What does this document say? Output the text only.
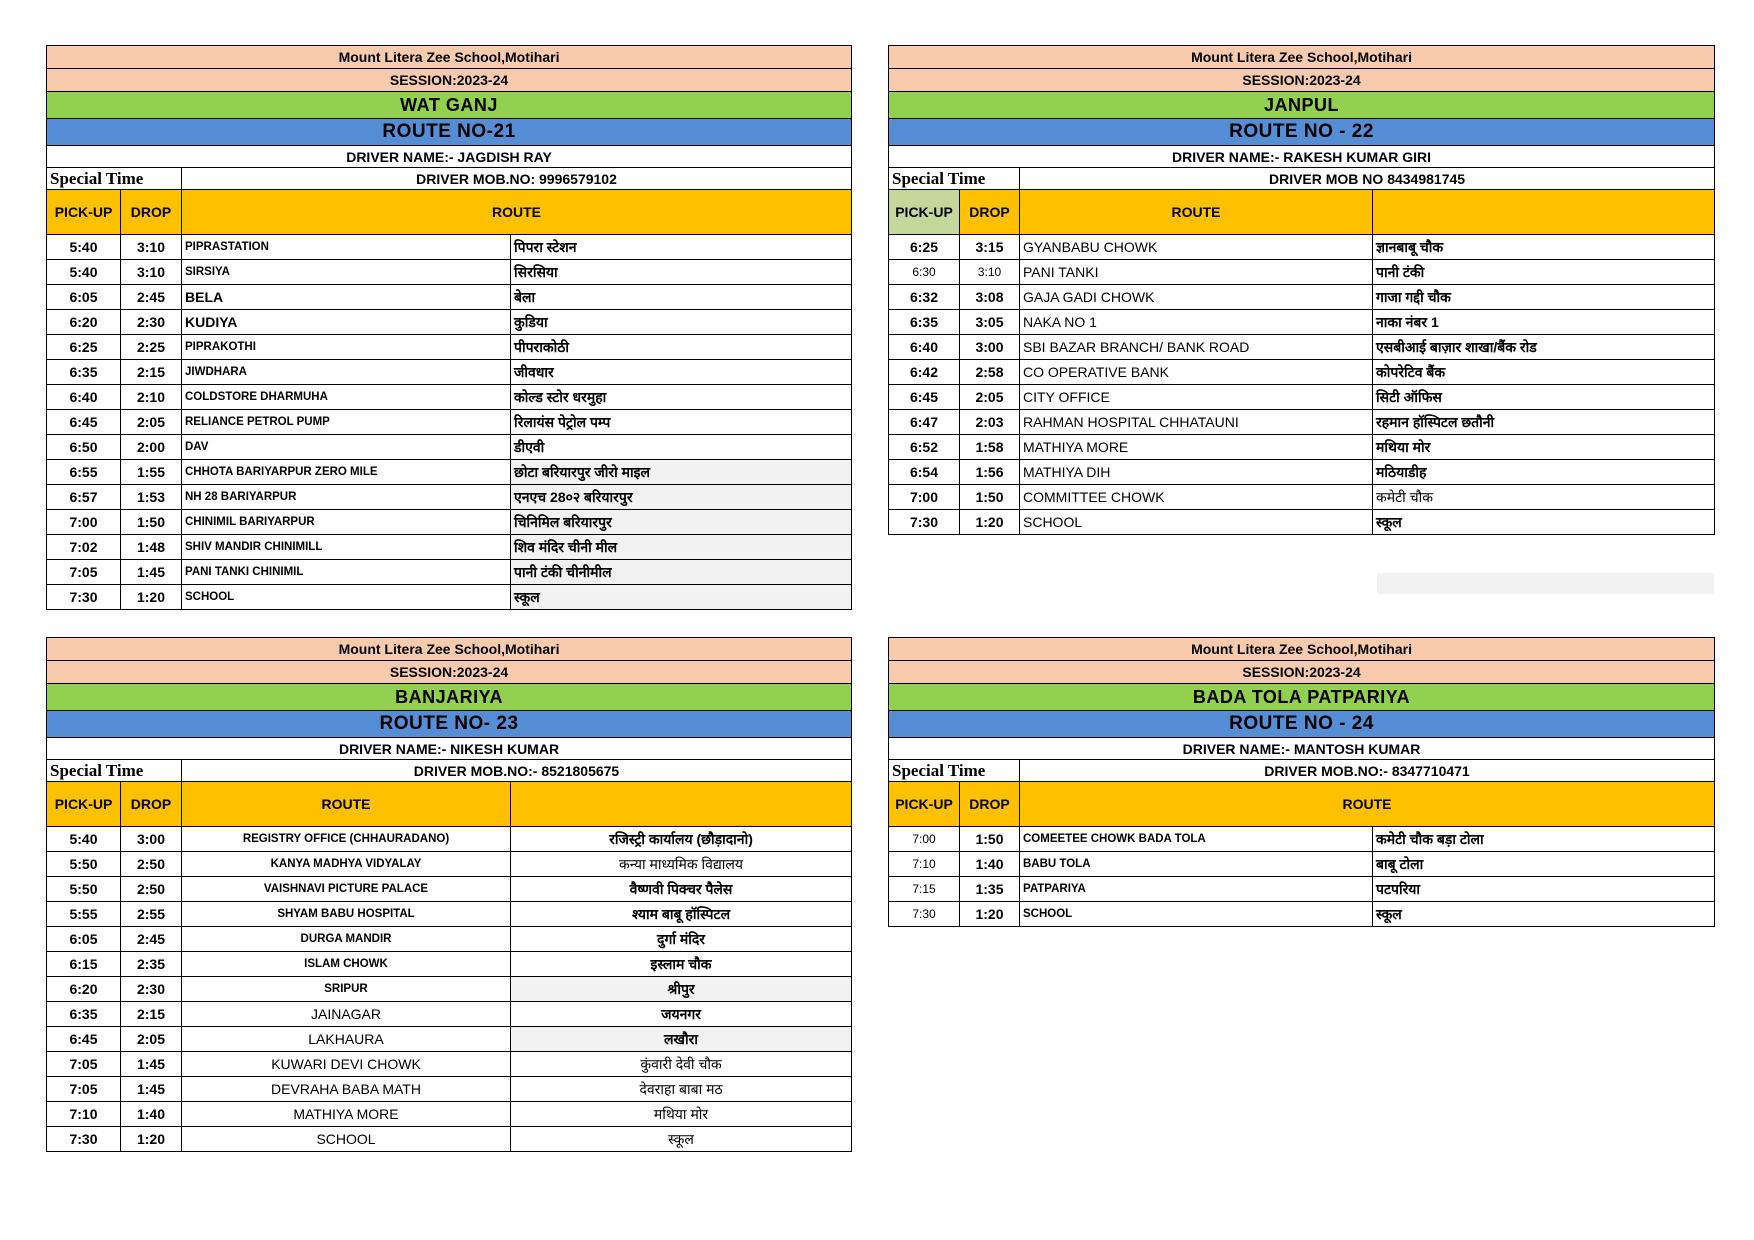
Mount Litera Zee School,Motihari			
SESSION:2023-24			
WAT GANJ			
ROUTE NO-21			
DRIVER NAME:- JAGDISH RAY			
Special Time		DRIVER MOB.NO: 9996579102	
PICK-UP	DROP	ROUTE	
5:40	3:10	PIPRASTATION	पिपरा स्टेशन
5:40	3:10	SIRSIYA	सिरसिया
6:05	2:45	BELA	बेला
6:20	2:30	KUDIYA	कुडिया
6:25	2:25	PIPRAKOTHI	पीपराकोठी
6:35	2:15	JIWDHARA	जीवधार
6:40	2:10	COLDSTORE DHARMUHA	कोल्ड स्टोर धरमुहा
6:45	2:05	RELIANCE PETROL PUMP	रिलायंस पेट्रोल पम्प
6:50	2:00	DAV	डीएवी
6:55	1:55	CHHOTA BARIYARPUR ZERO MILE	छोटा बरियारपुर जीरो माइल
6:57	1:53	NH 28 BARIYARPUR	एनएच 28०२ बरियारपुर
7:00	1:50	CHINIMIL BARIYARPUR	चिनिमिल बरियारपुर
7:02	1:48	SHIV MANDIR CHINIMILL	शिव मंदिर चीनी मील
7:05	1:45	PANI TANKI CHINIMIL	पानी टंकी चीनीमील
7:30	1:20	SCHOOL	स्कूल
Mount Litera Zee School,Motihari			
SESSION:2023-24			
JANPUL			
ROUTE NO - 22			
DRIVER NAME:- RAKESH KUMAR GIRI			
Special Time		DRIVER MOB NO 8434981745	
PICK-UP	DROP	ROUTE	
6:25	3:15	GYANBABU CHOWK	ज्ञानबाबू चौक
6:30	3:10	PANI TANKI	पानी टंकी
6:32	3:08	GAJA GADI CHOWK	गाजा गद्दी चौक
6:35	3:05	NAKA NO 1	नाका नंबर 1
6:40	3:00	SBI BAZAR BRANCH/ BANK ROAD	एसबीआई बाज़ार शाखा/बैंक रोड
6:42	2:58	CO OPERATIVE BANK	कोपरेटिव बैंक
6:45	2:05	CITY OFFICE	सिटी ऑफिस
6:47	2:03	RAHMAN HOSPITAL CHHATAUNI	रहमान हॉस्पिटल छतौनी
6:52	1:58	MATHIYA MORE	मथिया मोर
6:54	1:56	MATHIYA DIH	मठियाडीह
7:00	1:50	COMMITTEE CHOWK	कमेटी चौक
7:30	1:20	SCHOOL	स्कूल
Mount Litera Zee School,Motihari			
SESSION:2023-24			
BANJARIYA			
ROUTE NO- 23			
DRIVER NAME:- NIKESH KUMAR			
Special Time		DRIVER MOB.NO:- 8521805675	
PICK-UP	DROP	ROUTE	
5:40	3:00	REGISTRY OFFICE (CHHAURADANO)	रजिस्ट्री कार्यालय (छौड़ादानो)
5:50	2:50	KANYA MADHYA VIDYALAY	कन्या माध्यमिक विद्यालय
5:50	2:50	VAISHNAVI PICTURE PALACE	वैष्णवी पिक्चर पैलेस
5:55	2:55	SHYAM BABU HOSPITAL	श्याम बाबू हॉस्पिटल
6:05	2:45	DURGA MANDIR	दुर्गा मंदिर
6:15	2:35	ISLAM CHOWK	इस्लाम चौक
6:20	2:30	SRIPUR	श्रीपुर
6:35	2:15	JAINAGAR	जयनगर
6:45	2:05	LAKHAURA	लखौरा
7:05	1:45	KUWARI DEVI CHOWK	कुंवारी देवी चौक
7:05	1:45	DEVRAHA BABA MATH	देवराहा बाबा मठ
7:10	1:40	MATHIYA MORE	मथिया मोर
7:30	1:20	SCHOOL	स्कूल
Mount Litera Zee School,Motihari			
SESSION:2023-24			
BADA TOLA PATPARIYA			
ROUTE NO - 24			
DRIVER NAME:- MANTOSH KUMAR			
Special Time		DRIVER MOB.NO:- 8347710471	
PICK-UP	DROP	ROUTE	
7:00	1:50	COMEETEE CHOWK BADA TOLA	कमेटी चौक बड़ा टोला
7:10	1:40	BABU TOLA	बाबू टोला
7:15	1:35	PATPARIYA	पटपरिया
7:30	1:20	SCHOOL	स्कूल
